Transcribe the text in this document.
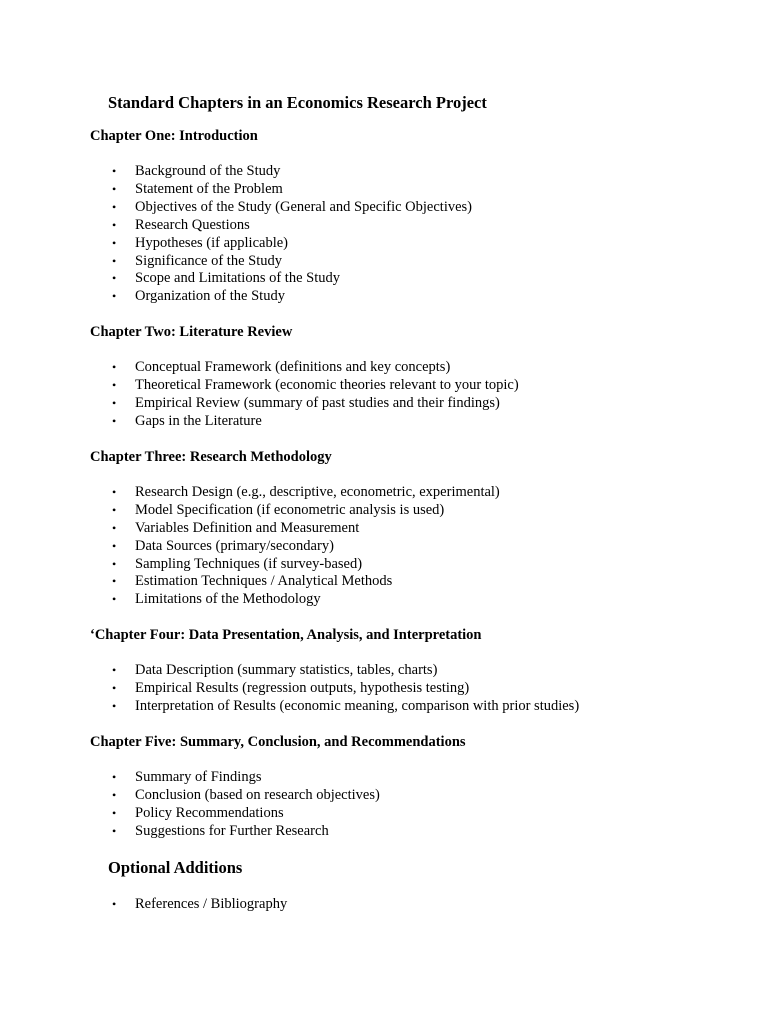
Standard Chapters in an Economics Research Project
Chapter One: Introduction
• Background of the Study
• Statement of the Problem
• Objectives of the Study (General and Specific Objectives)
• Research Questions
• Hypotheses (if applicable)
• Significance of the Study
• Scope and Limitations of the Study
• Organization of the Study
Chapter Two: Literature Review
• Conceptual Framework (definitions and key concepts)
• Theoretical Framework (economic theories relevant to your topic)
• Empirical Review (summary of past studies and their findings)
• Gaps in the Literature
Chapter Three: Research Methodology
• Research Design (e.g., descriptive, econometric, experimental)
• Model Specification (if econometric analysis is used)
• Variables Definition and Measurement
• Data Sources (primary/secondary)
• Sampling Techniques (if survey-based)
• Estimation Techniques / Analytical Methods
• Limitations of the Methodology
‘Chapter Four: Data Presentation, Analysis, and Interpretation
• Data Description (summary statistics, tables, charts)
• Empirical Results (regression outputs, hypothesis testing)
• Interpretation of Results (economic meaning, comparison with prior studies)
Chapter Five: Summary, Conclusion, and Recommendations
• Summary of Findings
• Conclusion (based on research objectives)
• Policy Recommendations
• Suggestions for Further Research
Optional Additions
• References / Bibliography
